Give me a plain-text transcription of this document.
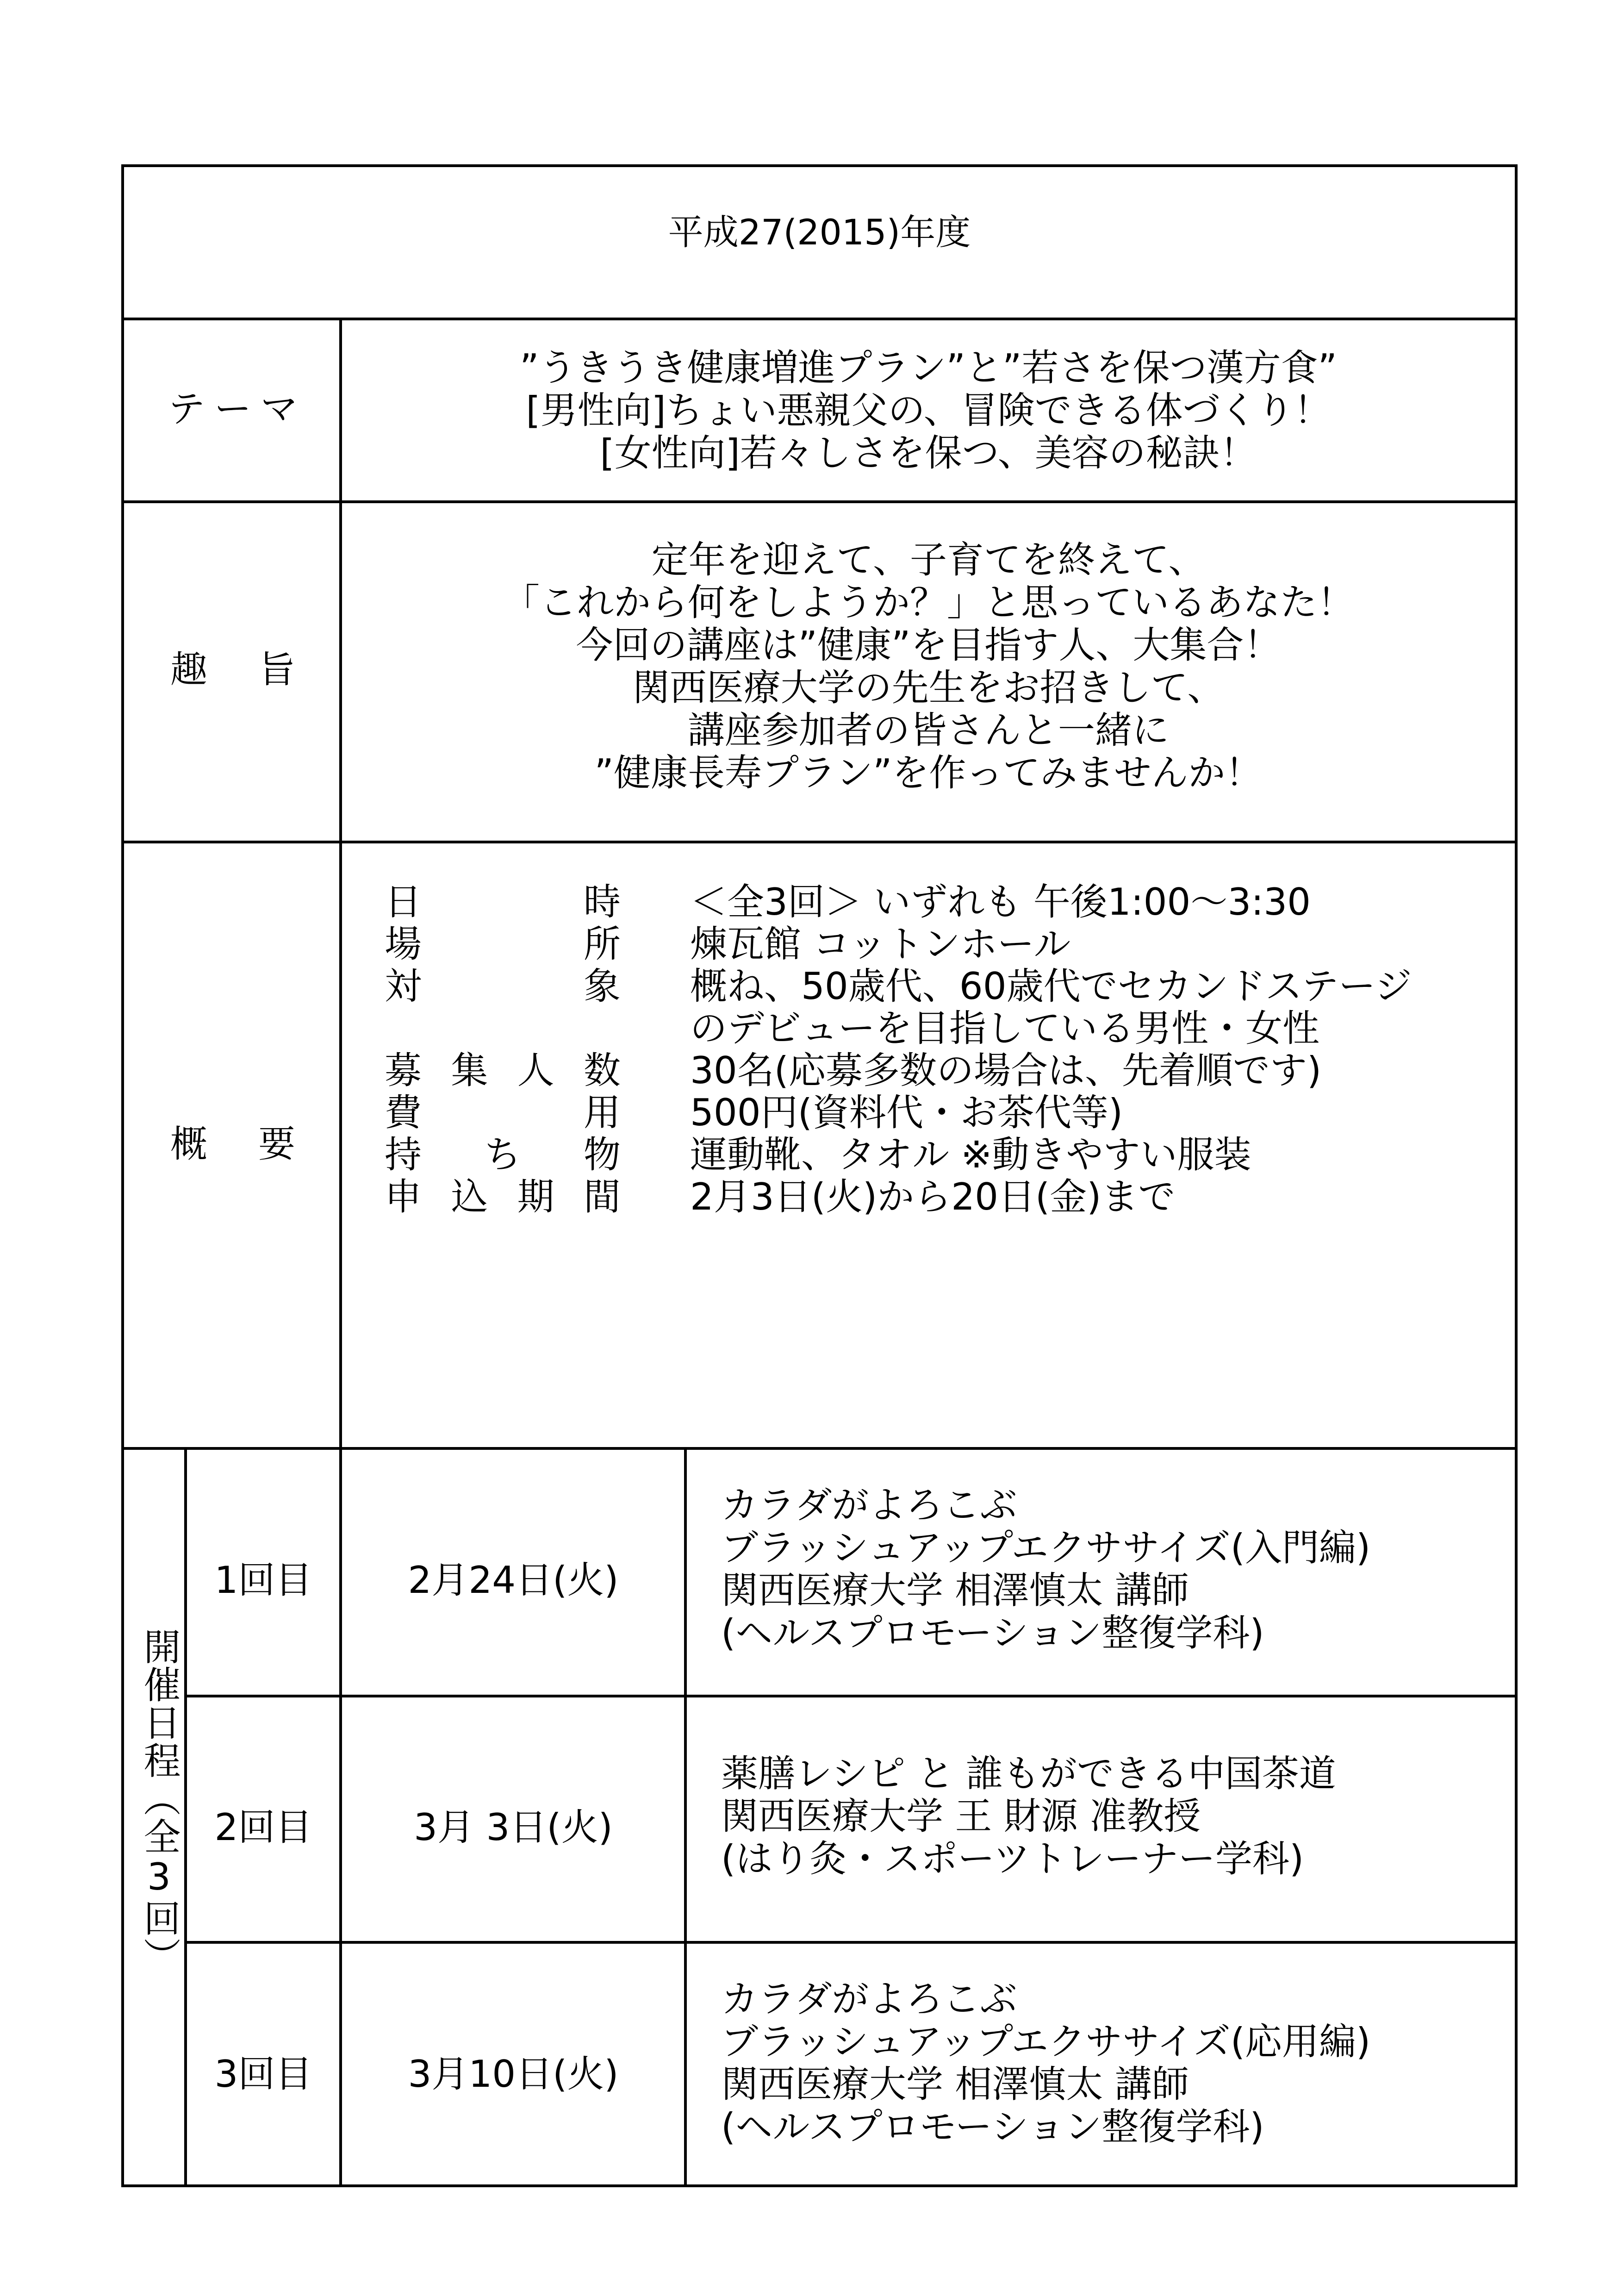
平成27(2015)年度
テ ー マ
”うきうき健康増進プラン”と”若さを保つ漢方食”
[男性向]ちょい悪親父の、冒険できる体づくり！
[女性向]若々しさを保つ、美容の秘訣！
趣 旨
定年を迎えて、子育てを終えて、
「これから何をしようか？」と思っているあなた！
今回の講座は”健康”を目指す人、大集合！
関西医療大学の先生をお招きして、
講座参加者の皆さんと一緒に
”健康長寿プラン”を作ってみませんか！
概 要
日	時 ＜全3回＞ いずれも 午後1:00～3:30
場	所 煉瓦館 コットンホール
対	象 概ね、50歳代、60歳代でセカンドステージ
のデビューを目指している男性・女性
募 集 人 数 30名(応募多数の場合は、先着順です)
費	用 500円(資料代・お茶代等)
持 ち 物 運動靴、タオル ※動きやすい服装
申 込 期 間 2月3日(火)から20日(金)まで
開催日程（全3回）
1回目	2月24日(火)
カラダがよろこぶ
ブラッシュアップエクササイズ(入門編)
関西医療大学 相澤慎太 講師
(ヘルスプロモーション整復学科)
2回目	3月 3日(火)
薬膳レシピ と 誰もができる中国茶道
関西医療大学 王 財源 准教授
(はり灸・スポーツトレーナー学科)
3回目	3月10日(火)
カラダがよろこぶ
ブラッシュアップエクササイズ(応用編)
関西医療大学 相澤慎太 講師
(ヘルスプロモーション整復学科)
